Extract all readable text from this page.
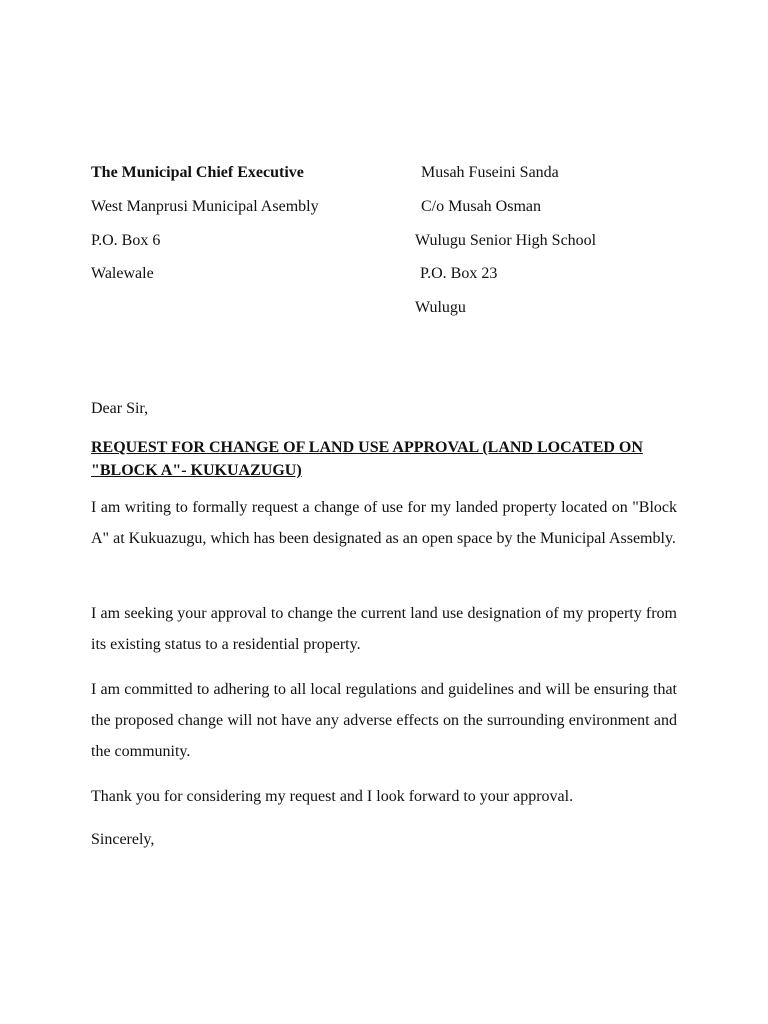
The Municipal Chief Executive
West Manprusi Municipal Asembly
P.O. Box 6
Walewale
Musah Fuseini Sanda
C/o Musah Osman
Wulugu Senior High School
P.O. Box 23
Wulugu
Dear Sir,
REQUEST FOR CHANGE OF LAND USE APPROVAL (LAND LOCATED ON "BLOCK A"- KUKUAZUGU)

I am writing to formally request a change of use for my landed property located on "Block A" at Kukuazugu, which has been designated as an open space by the Municipal Assembly.

I am seeking your approval to change the current land use designation of my property from its existing status to a residential property.

I am committed to adhering to all local regulations and guidelines and will be ensuring that the proposed change will not have any adverse effects on the surrounding environment and the community.

Thank you for considering my request and I look forward to your approval.

Sincerely,
